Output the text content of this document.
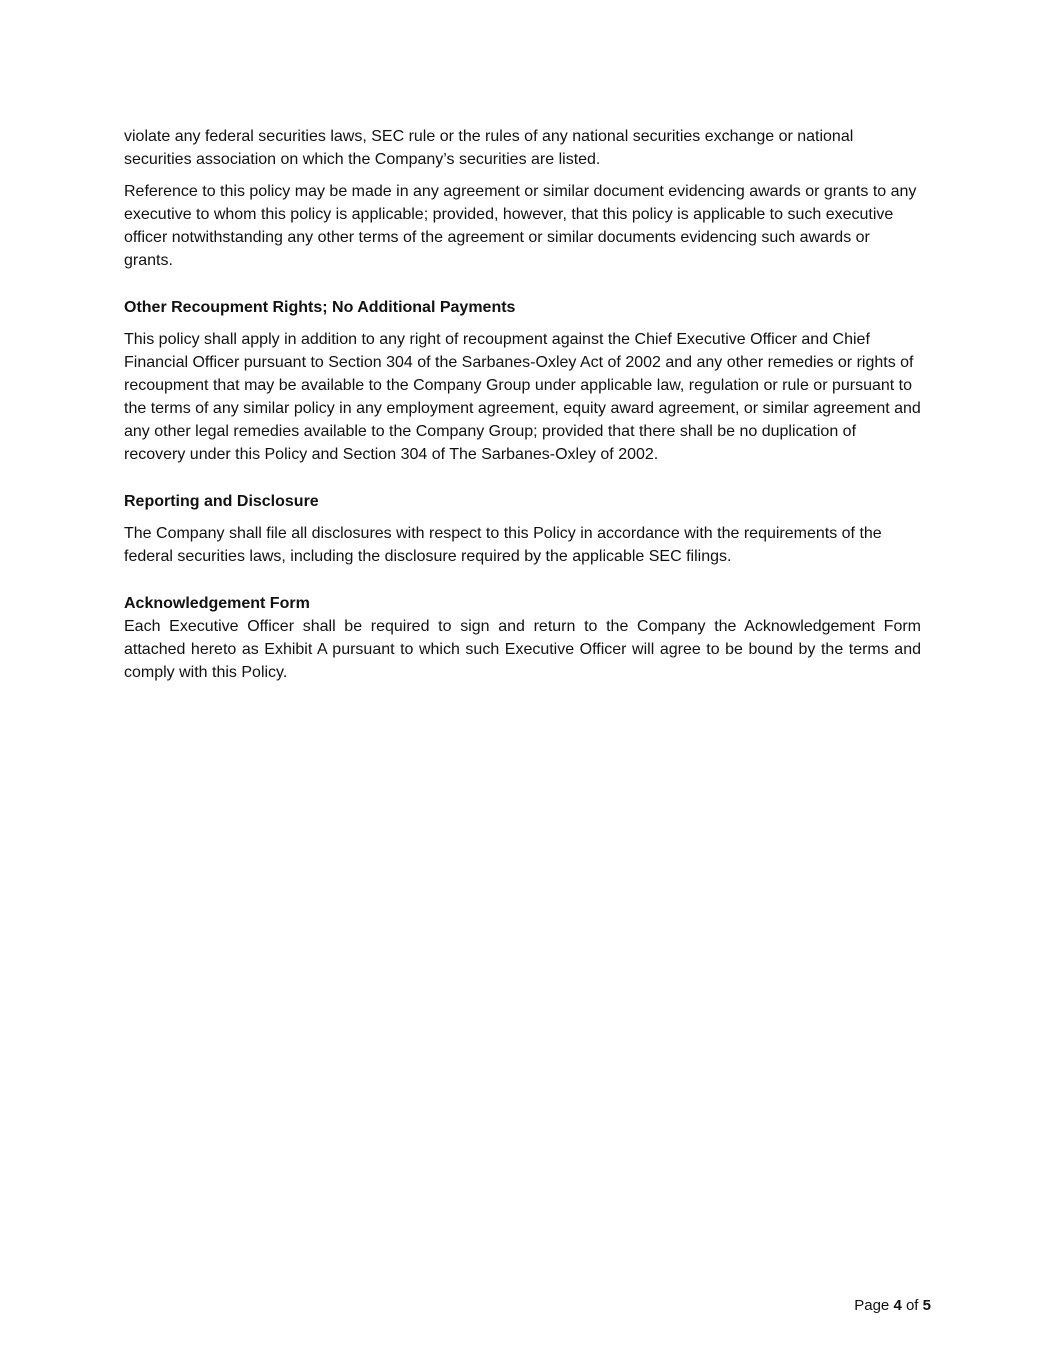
violate any federal securities laws, SEC rule or the rules of any national securities exchange or national securities association on which the Company’s securities are listed.

Reference to this policy may be made in any agreement or similar document evidencing awards or grants to any executive to whom this policy is applicable; provided, however, that this policy is applicable to such executive officer notwithstanding any other terms of the agreement or similar documents evidencing such awards or grants.

Other Recoupment Rights; No Additional Payments

This policy shall apply in addition to any right of recoupment against the Chief Executive Officer and Chief Financial Officer pursuant to Section 304 of the Sarbanes-Oxley Act of 2002 and any other remedies or rights of recoupment that may be available to the Company Group under applicable law, regulation or rule or pursuant to the terms of any similar policy in any employment agreement, equity award agreement, or similar agreement and any other legal remedies available to the Company Group; provided that there shall be no duplication of recovery under this Policy and Section 304 of The Sarbanes-Oxley of 2002.

Reporting and Disclosure

The Company shall file all disclosures with respect to this Policy in accordance with the requirements of the federal securities laws, including the disclosure required by the applicable SEC filings.

Acknowledgement Form

Each Executive Officer shall be required to sign and return to the Company the Acknowledgement Form attached hereto as Exhibit A pursuant to which such Executive Officer will agree to be bound by the terms and comply with this Policy.

Page 4 of 5
